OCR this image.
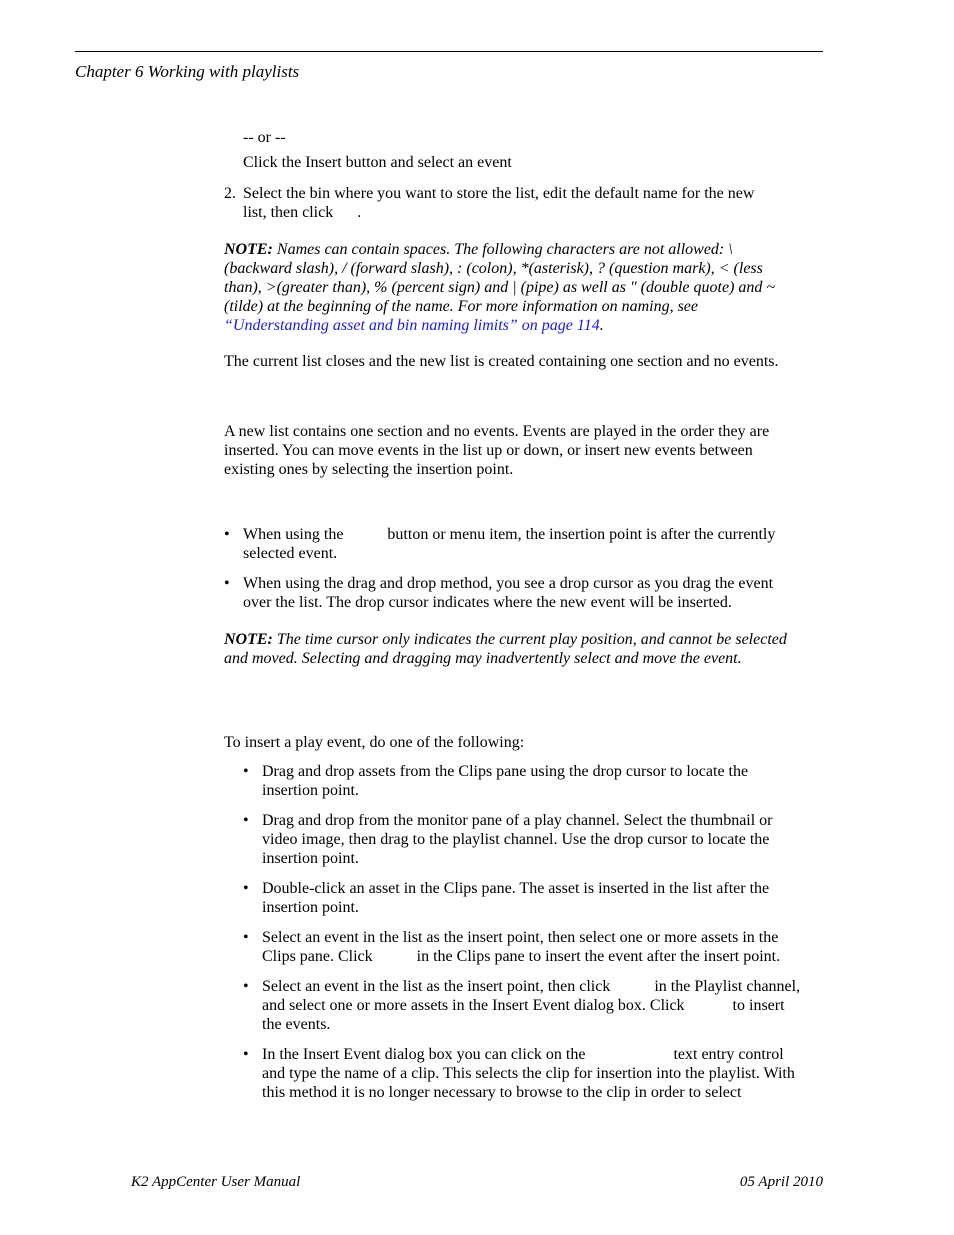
Chapter 6 Working with playlists
-- or --
Click the Insert button and select an event
2. Select the bin where you want to store the list, edit the default name for the new
list, then click      .
NOTE: Names can contain spaces. The following characters are not allowed: \ (backward slash), / (forward slash), : (colon), *(asterisk), ? (question mark), < (less than), >(greater than), % (percent sign) and | (pipe) as well as " (double quote) and ~(tilde) at the beginning of the name. For more information on naming, see “Understanding asset and bin naming limits” on page 114.
The current list closes and the new list is created containing one section and no events.
A new list contains one section and no events. Events are played in the order they are inserted. You can move events in the list up or down, or insert new events between existing ones by selecting the insertion point.
• When using the           button or menu item, the insertion point is after the currently selected event.
• When using the drag and drop method, you see a drop cursor as you drag the event over the list. The drop cursor indicates where the new event will be inserted.
NOTE: The time cursor only indicates the current play position, and cannot be selected and moved. Selecting and dragging may inadvertently select and move the event.
To insert a play event, do one of the following:
• Drag and drop assets from the Clips pane using the drop cursor to locate the insertion point.
• Drag and drop from the monitor pane of a play channel. Select the thumbnail or video image, then drag to the playlist channel. Use the drop cursor to locate the insertion point.
• Double-click an asset in the Clips pane. The asset is inserted in the list after the insertion point.
• Select an event in the list as the insert point, then select one or more assets in the Clips pane. Click           in the Clips pane to insert the event after the insert point.
• Select an event in the list as the insert point, then click           in the Playlist channel, and select one or more assets in the Insert Event dialog box. Click            to insert the events.
• In the Insert Event dialog box you can click on the                      text entry control and type the name of a clip. This selects the clip for insertion into the playlist. With this method it is no longer necessary to browse to the clip in order to select
K2 AppCenter User Manual	05 April 2010
